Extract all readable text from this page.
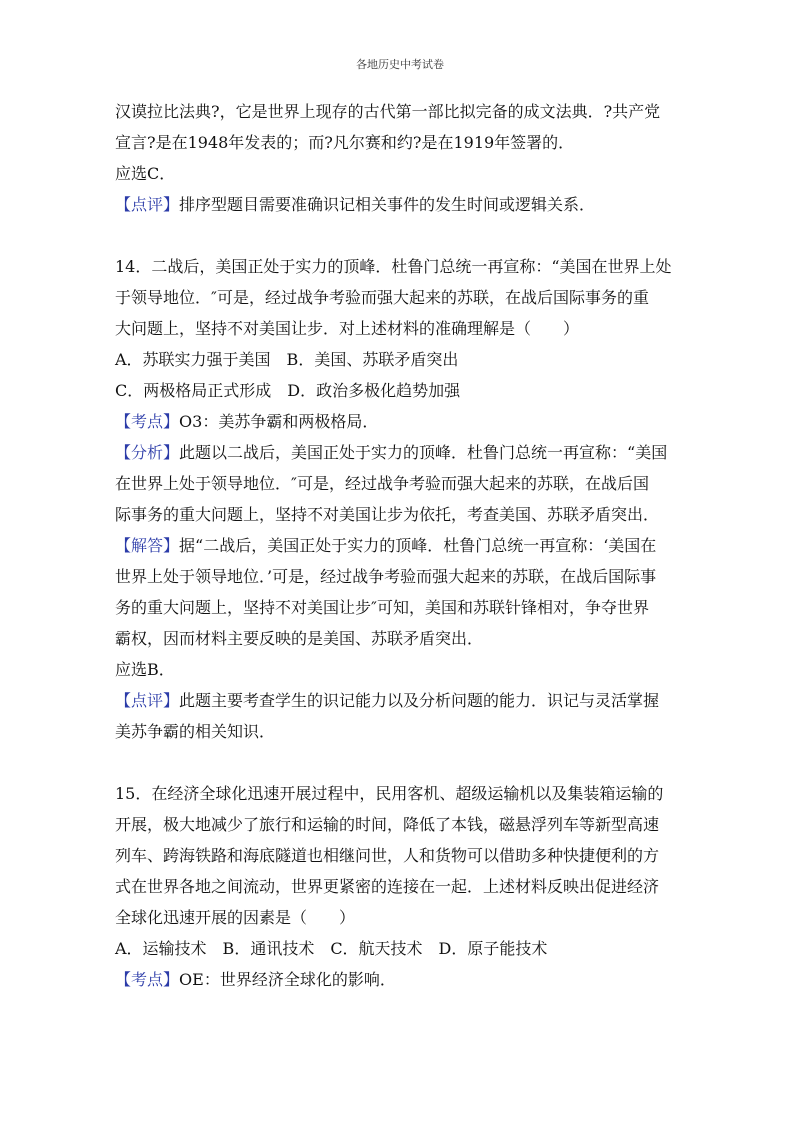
各地历史中考试卷
汉谟拉比法典?，它是世界上现存的古代第一部比拟完备的成文法典．?共产党
宣言?是在1948年发表的；而?凡尔赛和约?是在1919年签署的．
应选C．
【点评】排序型题目需要准确识记相关事件的发生时间或逻辑关系．
14．二战后，美国正处于实力的顶峰．杜鲁门总统一再宣称：“美国在世界上处
于领导地位．″可是，经过战争考验而强大起来的苏联，在战后国际事务的重
大问题上，坚持不对美国让步．对上述材料的准确理解是（　　）
A．苏联实力强于美国　B．美国、苏联矛盾突出
C．两极格局正式形成　D．政治多极化趋势加强
【考点】O3：美苏争霸和两极格局．
【分析】此题以二战后，美国正处于实力的顶峰．杜鲁门总统一再宣称：“美国
在世界上处于领导地位．″可是，经过战争考验而强大起来的苏联，在战后国
际事务的重大问题上，坚持不对美国让步为依托，考查美国、苏联矛盾突出．
【解答】据“二战后，美国正处于实力的顶峰．杜鲁门总统一再宣称：‘美国在
世界上处于领导地位．’可是，经过战争考验而强大起来的苏联，在战后国际事
务的重大问题上，坚持不对美国让步″可知，美国和苏联针锋相对，争夺世界
霸权，因而材料主要反映的是美国、苏联矛盾突出．
应选B．
【点评】此题主要考查学生的识记能力以及分析问题的能力．识记与灵活掌握
美苏争霸的相关知识．
15．在经济全球化迅速开展过程中，民用客机、超级运输机以及集装箱运输的
开展，极大地减少了旅行和运输的时间，降低了本钱，磁悬浮列车等新型高速
列车、跨海铁路和海底隧道也相继问世，人和货物可以借助多种快捷便利的方
式在世界各地之间流动，世界更紧密的连接在一起．上述材料反映出促进经济
全球化迅速开展的因素是（　　）
A．运输技术　B．通讯技术　C．航天技术　D．原子能技术
【考点】OE：世界经济全球化的影响．
